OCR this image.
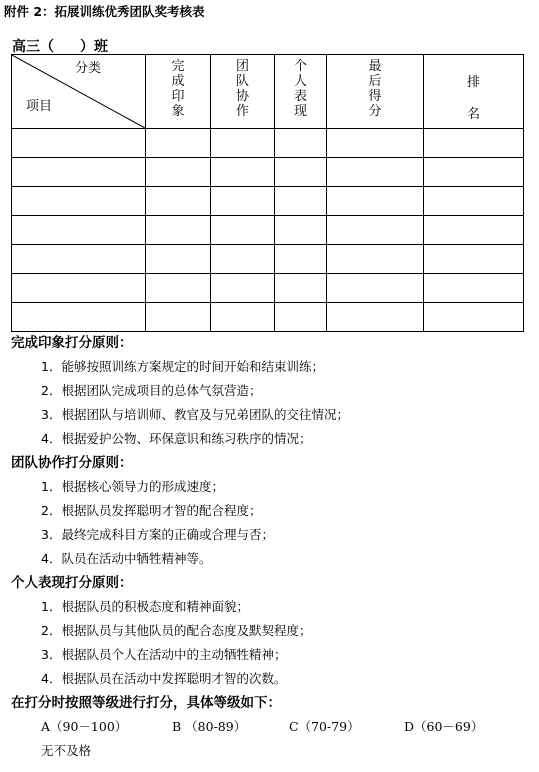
附件 2：拓展训练优秀团队奖考核表
高三（ ）班
分类
项目	完成印象	团队协作	个人表现	最后得分	排
名

完成印象打分原则：
1．能够按照训练方案规定的时间开始和结束训练；
2．根据团队完成项目的总体气氛营造；
3．根据团队与培训师、教官及与兄弟团队的交往情况；
4．根据爱护公物、环保意识和练习秩序的情况；
团队协作打分原则：
1．根据核心领导力的形成速度；
2．根据队员发挥聪明才智的配合程度；
3．最终完成科目方案的正确或合理与否；
4．队员在活动中牺牲精神等。
个人表现打分原则：
1．根据队员的积极态度和精神面貌；
2．根据队员与其他队员的配合态度及默契程度；
3．根据队员个人在活动中的主动牺牲精神；
4．根据队员在活动中发挥聪明才智的次数。
在打分时按照等级进行打分，具体等级如下：
A（90－100）	B （80-89）	C（70-79）	D（60－69）
无不及格
